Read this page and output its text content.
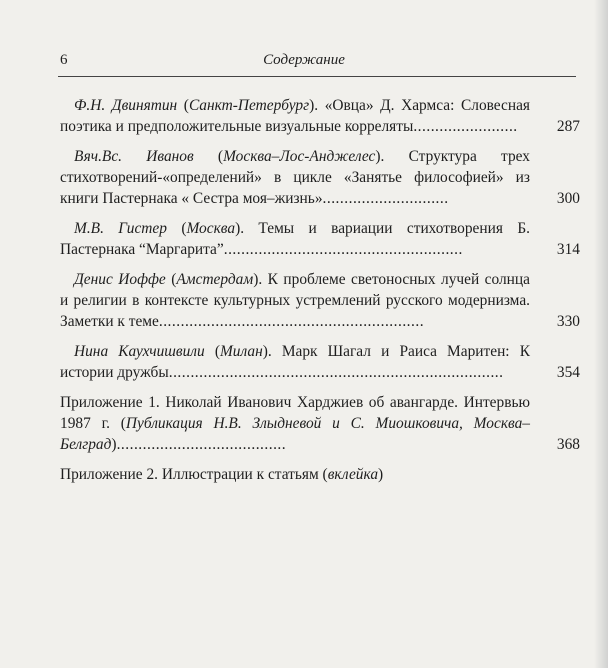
6	Содержание
Ф.Н. Двинятин (Санкт-Петербург). «Овца» Д. Хармса: Словесная поэтика и предположительные визуальные корреляты........................	287
Вяч.Вс. Иванов (Москва–Лос-Анджелес). Структура трех стихотворений-«определений» в цикле «Занятье философией» из книги Пастернака « Сестра моя–жизнь».............................	300
М.В. Гистер (Москва). Темы и вариации стихотворения Б. Пастернака “Маргарита”.......................................................	314
Денис Иоффе (Амстердам). К проблеме светоносных лучей солнца и религии в контексте культурных устремлений русского модернизма. Заметки к теме.............................................................	330
Нина Каухчишвили (Милан). Марк Шагал и Раиса Маритен: К истории дружбы.............................................................................	354
Приложение 1. Николай Иванович Харджиев об авангарде. Интервью 1987 г. (Публикация Н.В. Злыдневой и С. Миошковича, Москва–Белград).......................................	368
Приложение 2. Иллюстрации к статьям (вклейка)
